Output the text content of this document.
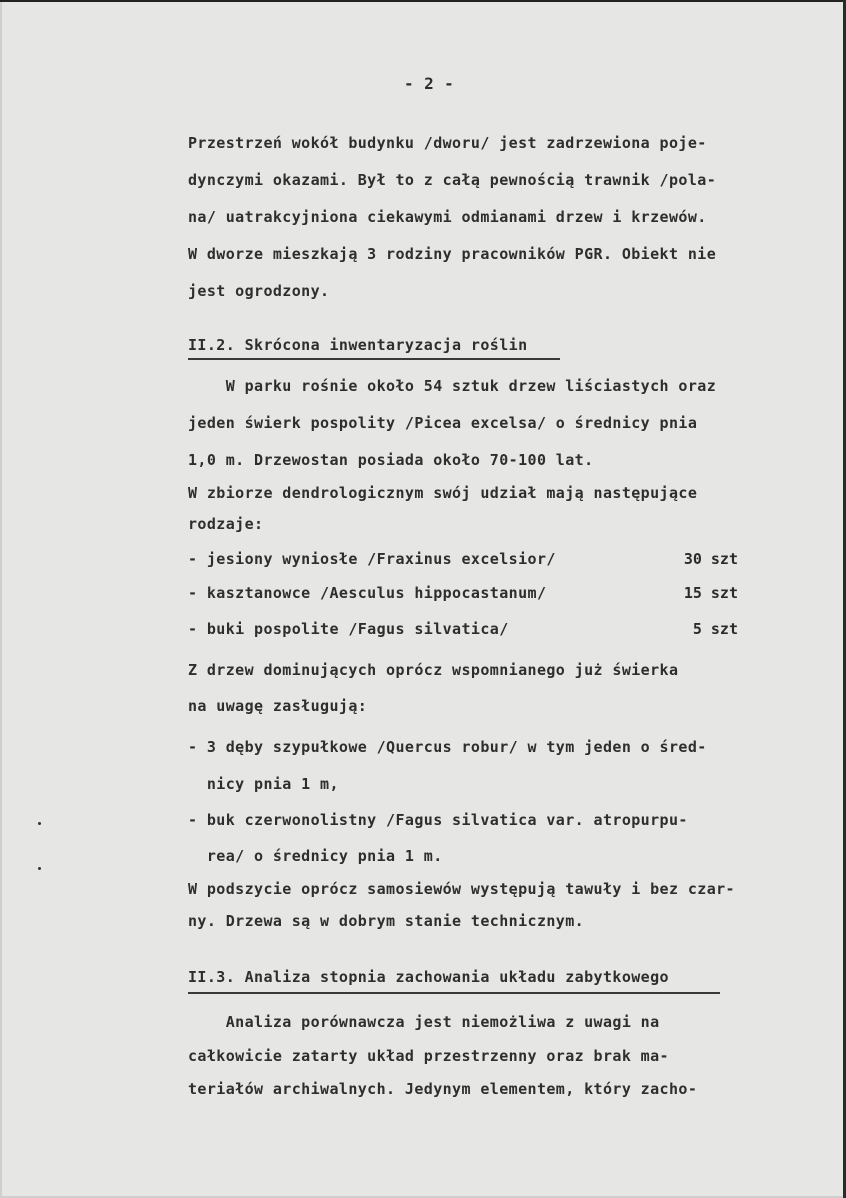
- 2 -
Przestrzeń wokół budynku /dworu/ jest zadrzewiona poje-
dynczymi okazami. Był to z całą pewnością trawnik /pola-
na/ uatrakcyjniona ciekawymi odmianami drzew i krzewów.
W dworze mieszkają 3 rodziny pracowników PGR. Obiekt nie
jest ogrodzony.
II.2. Skrócona inwentaryzacja roślin
W parku rośnie około 54 sztuk drzew liściastych oraz
jeden świerk pospolity /Picea excelsa/ o średnicy pnia
1,0 m. Drzewostan posiada około 70-100 lat.
W zbiorze dendrologicznym swój udział mają następujące
rodzaje:
- jesiony wyniosłe /Fraxinus excelsior/	30 szt
- kasztanowce /Aesculus hippocastanum/	15 szt
- buki pospolite /Fagus silvatica/	5 szt
Z drzew dominujących oprócz wspomnianego już świerka
na uwagę zasługują:
- 3 dęby szypułkowe /Quercus robur/ w tym jeden o śred-
nicy pnia 1 m,
- buk czerwonolistny /Fagus silvatica var. atropurpu-
rea/ o średnicy pnia 1 m.
W podszycie oprócz samosiewów występują tawuły i bez czar-
ny. Drzewa są w dobrym stanie technicznym.
II.3. Analiza stopnia zachowania układu zabytkowego
Analiza porównawcza jest niemożliwa z uwagi na
całkowicie zatarty układ przestrzenny oraz brak ma-
teriałów archiwalnych. Jedynym elementem, który zacho-
